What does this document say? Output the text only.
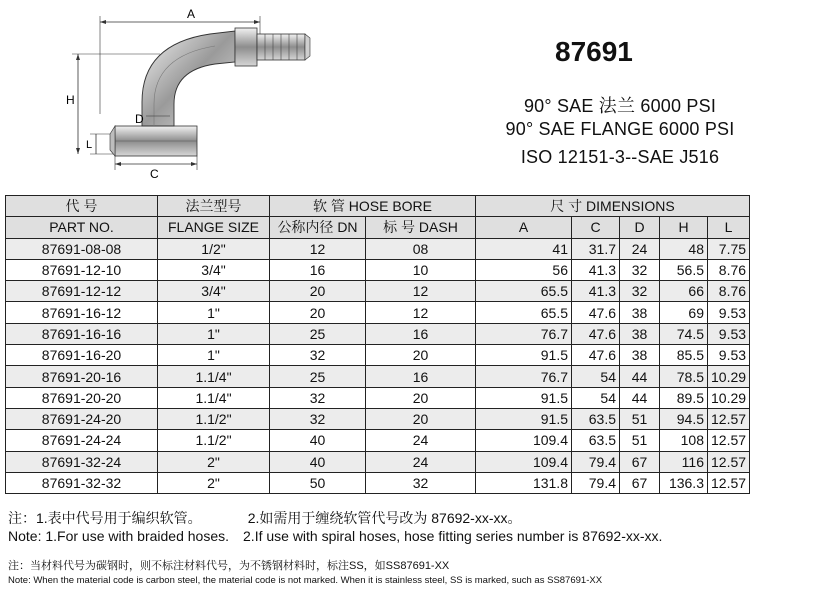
A
H
L
D
C
87691
90° SAE 法兰 6000 PSI
90° SAE FLANGE 6000 PSI
ISO 12151-3--SAE J516
代 号	法兰型号	软 管 HOSE BORE		尺 寸 DIMENSIONS				
PART NO.	FLANGE SIZE	公称内径 DN	标 号 DASH	A	C	D	H	L
87691-08-08	1/2"	12	08	41	31.7	24	48	7.75
87691-12-10	3/4"	16	10	56	41.3	32	56.5	8.76
87691-12-12	3/4"	20	12	65.5	41.3	32	66	8.76
87691-16-12	1"	20	12	65.5	47.6	38	69	9.53
87691-16-16	1"	25	16	76.7	47.6	38	74.5	9.53
87691-16-20	1"	32	20	91.5	47.6	38	85.5	9.53
87691-20-16	1.1/4"	25	16	76.7	54	44	78.5	10.29
87691-20-20	1.1/4"	32	20	91.5	54	44	89.5	10.29
87691-24-20	1.1/2"	32	20	91.5	63.5	51	94.5	12.57
87691-24-24	1.1/2"	40	24	109.4	63.5	51	108	12.57
87691-32-24	2"	40	24	109.4	79.4	67	116	12.57
87691-32-32	2"	50	32	131.8	79.4	67	136.3	12.57
注：1.表中代号用于编织软管。	2.如需用于缠绕软管代号改为 87692-xx-xx。
Note: 1.For use with braided hoses. 2.If use with spiral hoses, hose fitting series number is 87692-xx-xx.
注：当材料代号为碳钢时，则不标注材料代号，为不锈钢材料时，标注SS，如SS87691-XX
Note: When the material code is carbon steel, the material code is not marked. When it is stainless steel, SS is marked, such as SS87691-XX
